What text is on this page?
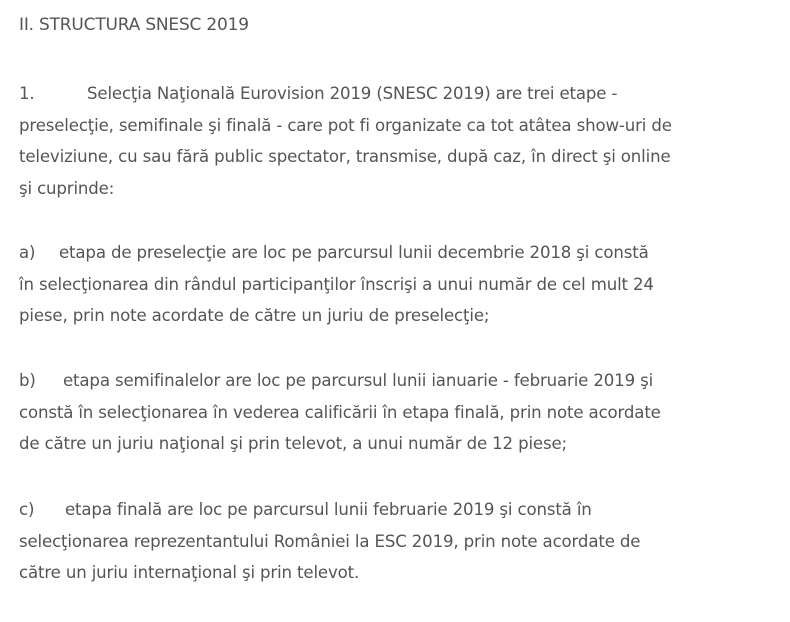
II. STRUCTURA SNESC 2019
1.	Selecţia Naţională Eurovision 2019 (SNESC 2019) are trei etape -
preselecţie, semifinale şi finală - care pot fi organizate ca tot atâtea show-uri de
televiziune, cu sau fără public spectator, transmise, după caz, în direct şi online
şi cuprinde:
a) etapa de preselecţie are loc pe parcursul lunii decembrie 2018 şi constă
în selecţionarea din rândul participanţilor înscrişi a unui număr de cel mult 24
piese, prin note acordate de către un juriu de preselecţie;
b) etapa semifinalelor are loc pe parcursul lunii ianuarie - februarie 2019 şi
constă în selecţionarea în vederea calificării în etapa finală, prin note acordate
de către un juriu naţional şi prin televot, a unui număr de 12 piese;
c) etapa finală are loc pe parcursul lunii februarie 2019 şi constă în
selecţionarea reprezentantului României la ESC 2019, prin note acordate de
către un juriu internaţional şi prin televot.
